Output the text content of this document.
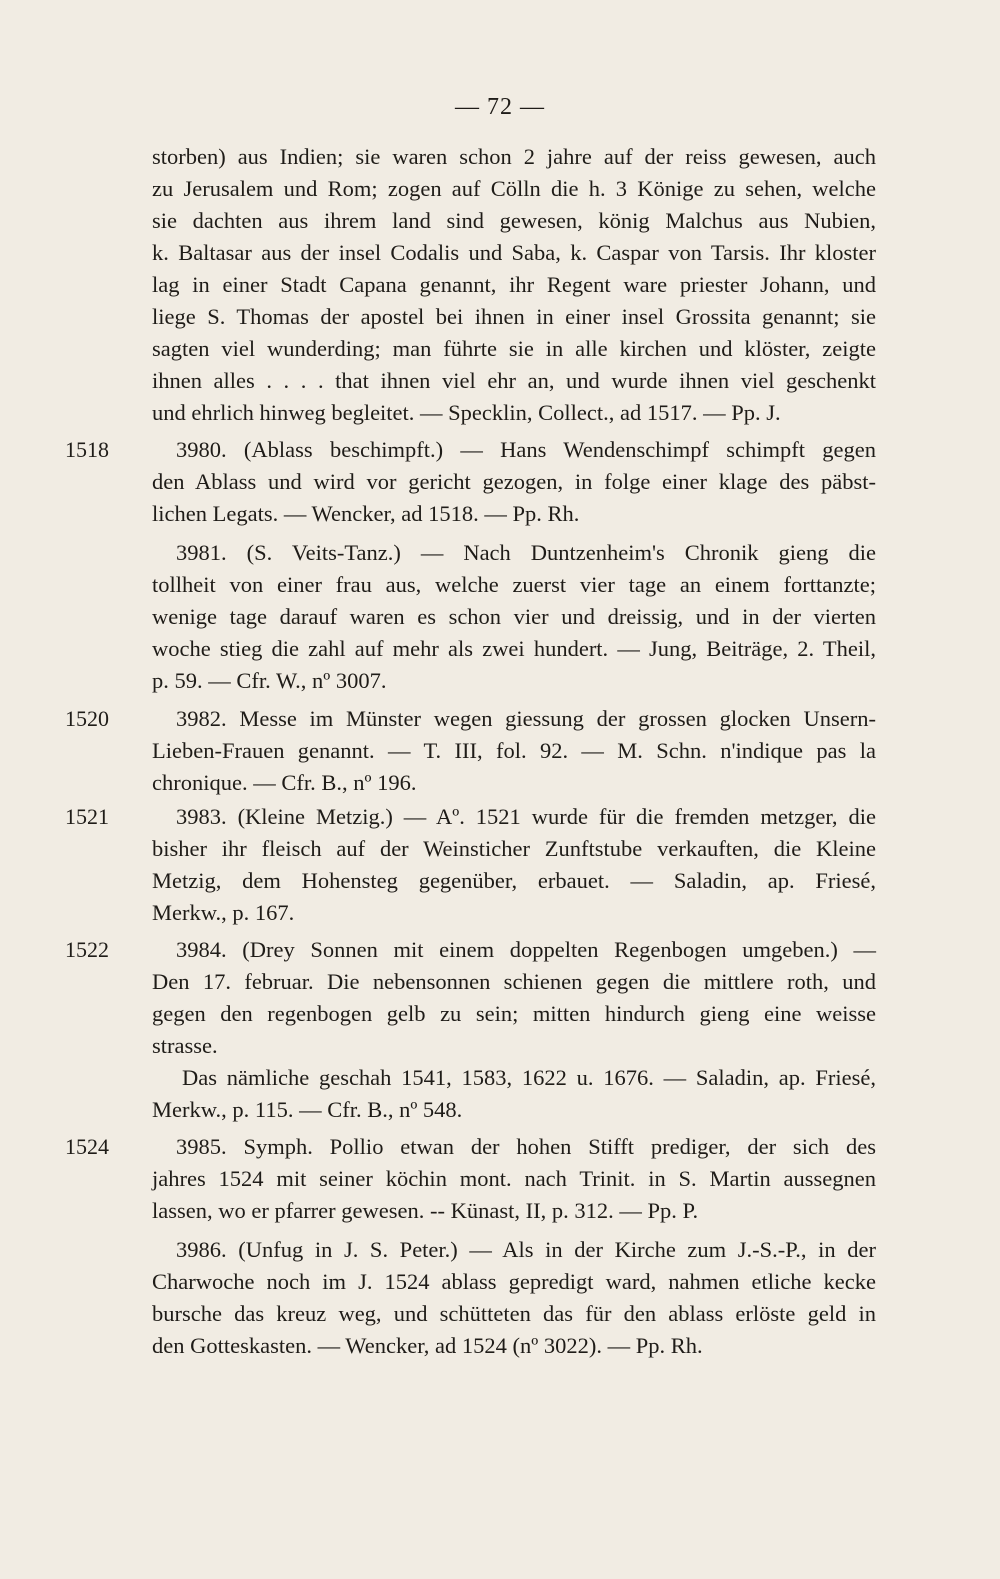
— 72 —
1518
1520
1521
1522
1524
storben) aus Indien; sie waren schon 2 jahre auf der reiss gewesen, auch
zu Jerusalem und Rom; zogen auf Cölln die h. 3 Könige zu sehen, welche
sie dachten aus ihrem land sind gewesen, könig Malchus aus Nubien,
k. Baltasar aus der insel Codalis und Saba, k. Caspar von Tarsis. Ihr kloster
lag in einer Stadt Capana genannt, ihr Regent ware priester Johann, und
liege S. Thomas der apostel bei ihnen in einer insel Grossita genannt; sie
sagten viel wunderding; man führte sie in alle kirchen und klöster, zeigte
ihnen alles . . . . that ihnen viel ehr an, und wurde ihnen viel geschenkt
und ehrlich hinweg begleitet. — Specklin, Collect., ad 1517. — Pp. J.
3980. (Ablass beschimpft.) — Hans Wendenschimpf schimpft gegen
den Ablass und wird vor gericht gezogen, in folge einer klage des päbst-
lichen Legats. — Wencker, ad 1518. — Pp. Rh.
3981. (S. Veits-Tanz.) — Nach Duntzenheim's Chronik gieng die
tollheit von einer frau aus, welche zuerst vier tage an einem forttanzte;
wenige tage darauf waren es schon vier und dreissig, und in der vierten
woche stieg die zahl auf mehr als zwei hundert. — Jung, Beiträge, 2. Theil,
p. 59. — Cfr. W., nº 3007.
3982. Messe im Münster wegen giessung der grossen glocken Unsern-
Lieben-Frauen genannt. — T. III, fol. 92. — M. Schn. n'indique pas la
chronique. — Cfr. B., nº 196.
3983. (Kleine Metzig.) — Aº. 1521 wurde für die fremden metzger, die
bisher ihr fleisch auf der Weinsticher Zunftstube verkauften, die Kleine
Metzig, dem Hohensteg gegenüber, erbauet. — Saladin, ap. Friesé,
Merkw., p. 167.
3984. (Drey Sonnen mit einem doppelten Regenbogen umgeben.) —
Den 17. februar. Die nebensonnen schienen gegen die mittlere roth, und
gegen den regenbogen gelb zu sein; mitten hindurch gieng eine weisse
strasse.
Das nämliche geschah 1541, 1583, 1622 u. 1676. — Saladin, ap. Friesé,
Merkw., p. 115. — Cfr. B., nº 548.
3985. Symph. Pollio etwan der hohen Stifft prediger, der sich des
jahres 1524 mit seiner köchin mont. nach Trinit. in S. Martin aussegnen
lassen, wo er pfarrer gewesen. -- Künast, II, p. 312. — Pp. P.
3986. (Unfug in J. S. Peter.) — Als in der Kirche zum J.-S.-P., in der
Charwoche noch im J. 1524 ablass gepredigt ward, nahmen etliche kecke
bursche das kreuz weg, und schütteten das für den ablass erlöste geld in
den Gotteskasten. — Wencker, ad 1524 (nº 3022). — Pp. Rh.
